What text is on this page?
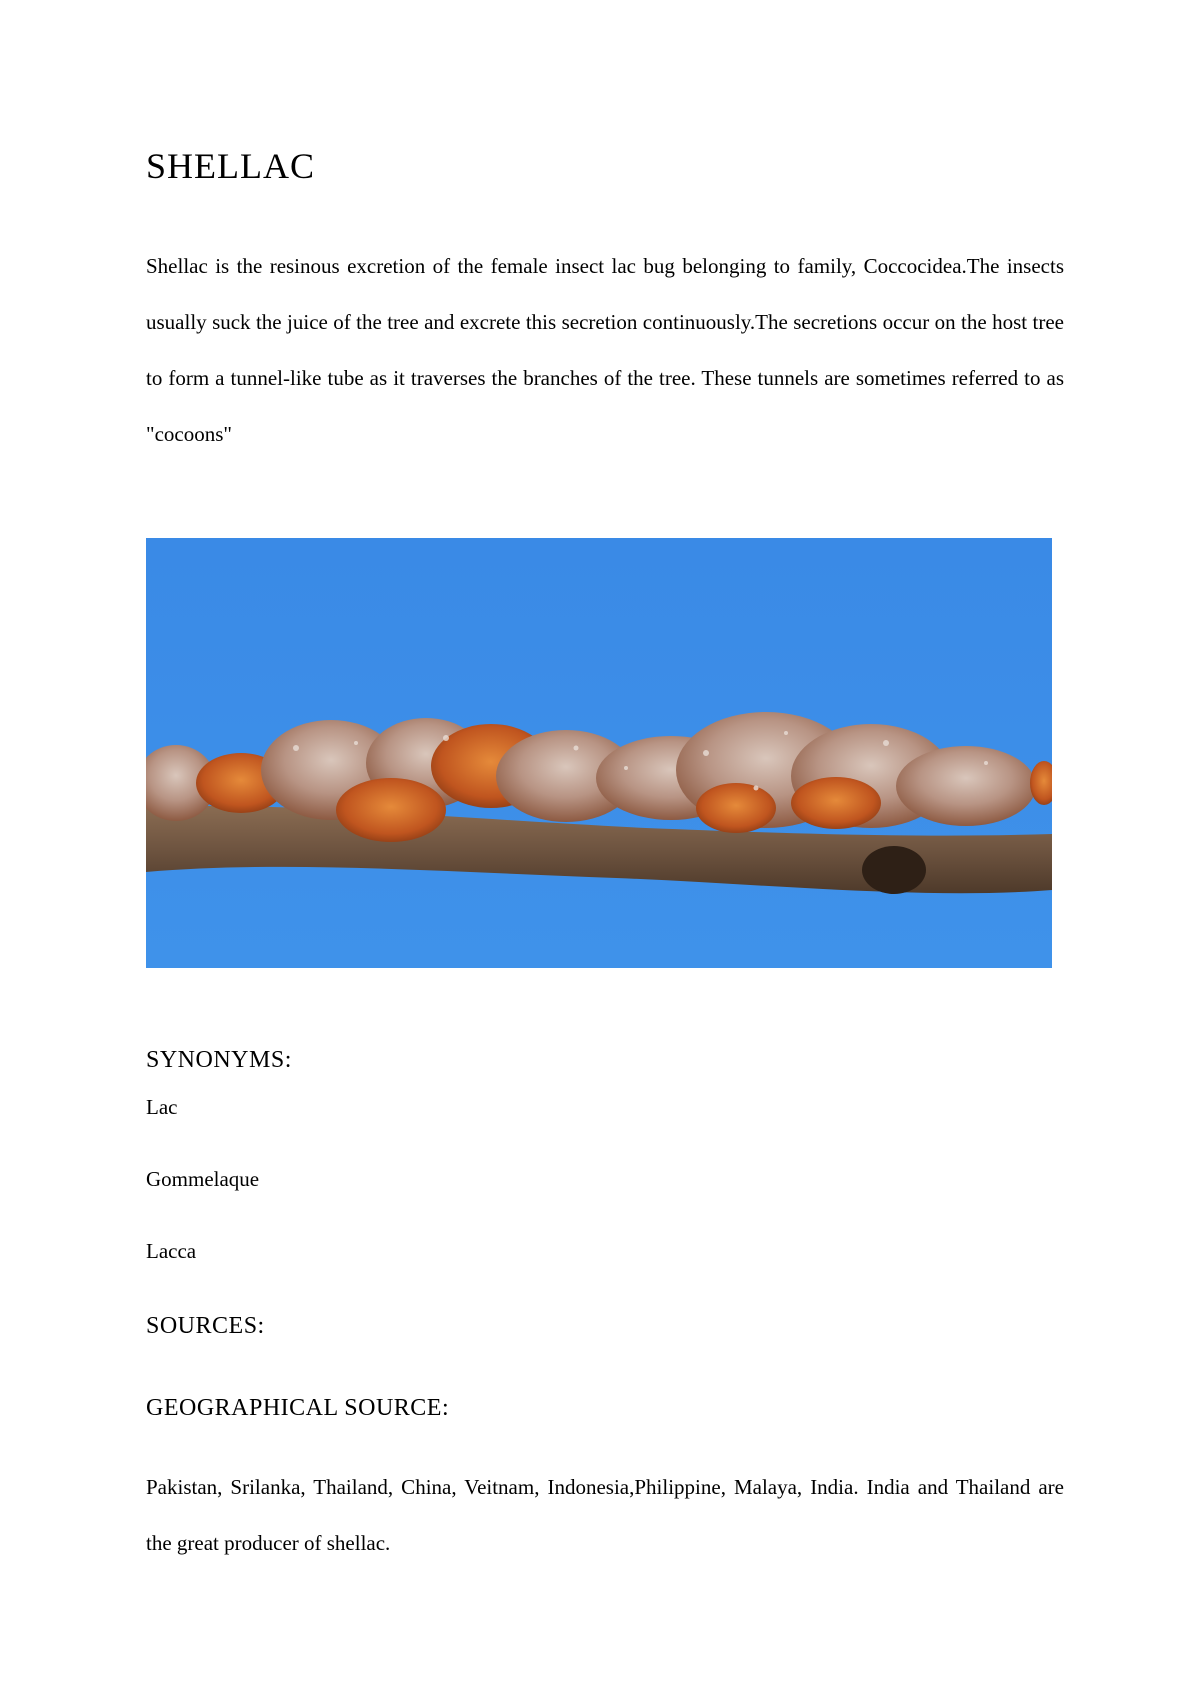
SHELLAC

Shellac is the resinous excretion of the female insect lac bug belonging to family, Coccocidea.The insects usually suck the juice of the tree and excrete this secretion continuously.The secretions occur on the host tree to form a tunnel-like tube as it traverses the branches of the tree. These tunnels are sometimes referred to as "cocoons"

SYNONYMS:

Lac

Gommelaque

Lacca

SOURCES:
GEOGRAPHICAL SOURCE:

Pakistan, Srilanka, Thailand, China, Veitnam, Indonesia,Philippine, Malaya, India. India and Thailand are the great producer of shellac.
